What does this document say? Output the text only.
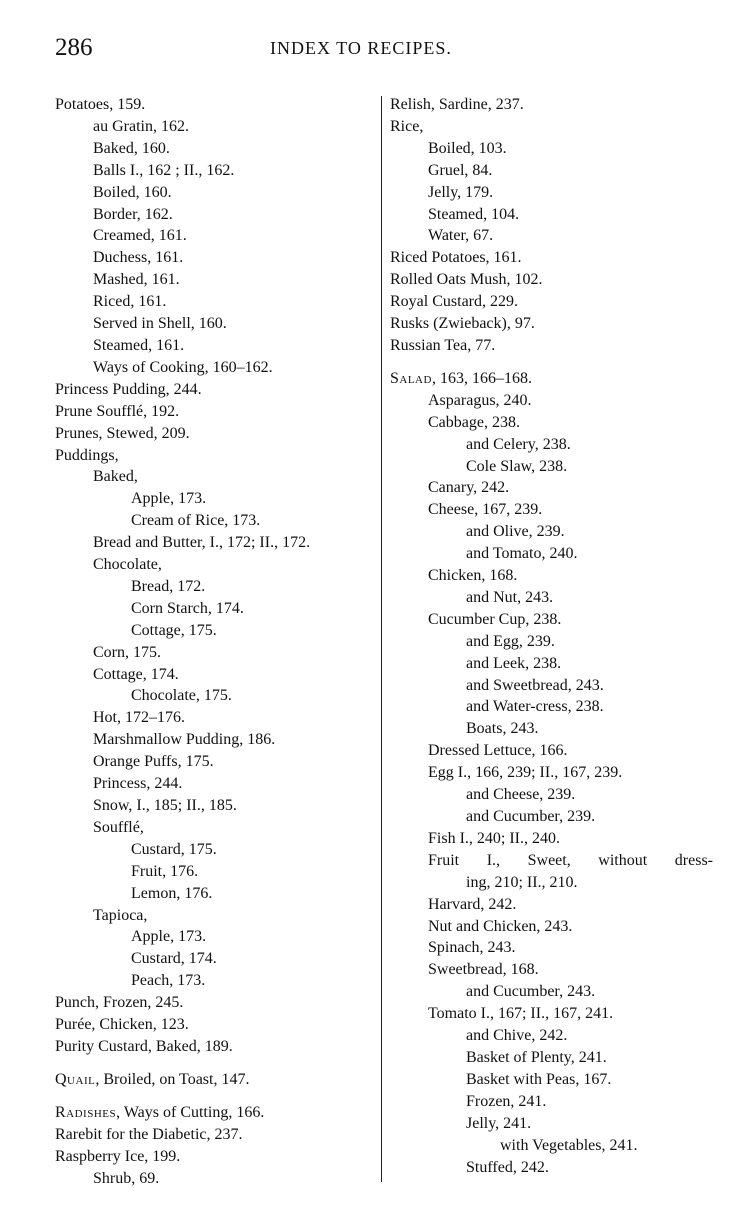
286	INDEX TO RECIPES.
Potatoes, 159.
au Gratin, 162.
Baked, 160.
Balls I., 162 ; II., 162.
Boiled, 160.
Border, 162.
Creamed, 161.
Duchess, 161.
Mashed, 161.
Riced, 161.
Served in Shell, 160.
Steamed, 161.
Ways of Cooking, 160–162.
Princess Pudding, 244.
Prune Soufflé, 192.
Prunes, Stewed, 209.
Puddings,
Baked,
Apple, 173.
Cream of Rice, 173.
Bread and Butter, I., 172; II., 172.
Chocolate,
Bread, 172.
Corn Starch, 174.
Cottage, 175.
Corn, 175.
Cottage, 174.
Chocolate, 175.
Hot, 172–176.
Marshmallow Pudding, 186.
Orange Puffs, 175.
Princess, 244.
Snow, I., 185; II., 185.
Soufflé,
Custard, 175.
Fruit, 176.
Lemon, 176.
Tapioca,
Apple, 173.
Custard, 174.
Peach, 173.
Punch, Frozen, 245.
Purée, Chicken, 123.
Purity Custard, Baked, 189.
Quail, Broiled, on Toast, 147.
Radishes, Ways of Cutting, 166.
Rarebit for the Diabetic, 237.
Raspberry Ice, 199.
Shrub, 69.
Relish, Sardine, 237.
Rice,
Boiled, 103.
Gruel, 84.
Jelly, 179.
Steamed, 104.
Water, 67.
Riced Potatoes, 161.
Rolled Oats Mush, 102.
Royal Custard, 229.
Rusks (Zwieback), 97.
Russian Tea, 77.
Salad, 163, 166–168.
Asparagus, 240.
Cabbage, 238.
and Celery, 238.
Cole Slaw, 238.
Canary, 242.
Cheese, 167, 239.
and Olive, 239.
and Tomato, 240.
Chicken, 168.
and Nut, 243.
Cucumber Cup, 238.
and Egg, 239.
and Leek, 238.
and Sweetbread, 243.
and Water-cress, 238.
Boats, 243.
Dressed Lettuce, 166.
Egg I., 166, 239; II., 167, 239.
and Cheese, 239.
and Cucumber, 239.
Fish I., 240; II., 240.
Fruit I., Sweet, without dress-
ing, 210; II., 210.
Harvard, 242.
Nut and Chicken, 243.
Spinach, 243.
Sweetbread, 168.
and Cucumber, 243.
Tomato I., 167; II., 167, 241.
and Chive, 242.
Basket of Plenty, 241.
Basket with Peas, 167.
Frozen, 241.
Jelly, 241.
with Vegetables, 241.
Stuffed, 242.
